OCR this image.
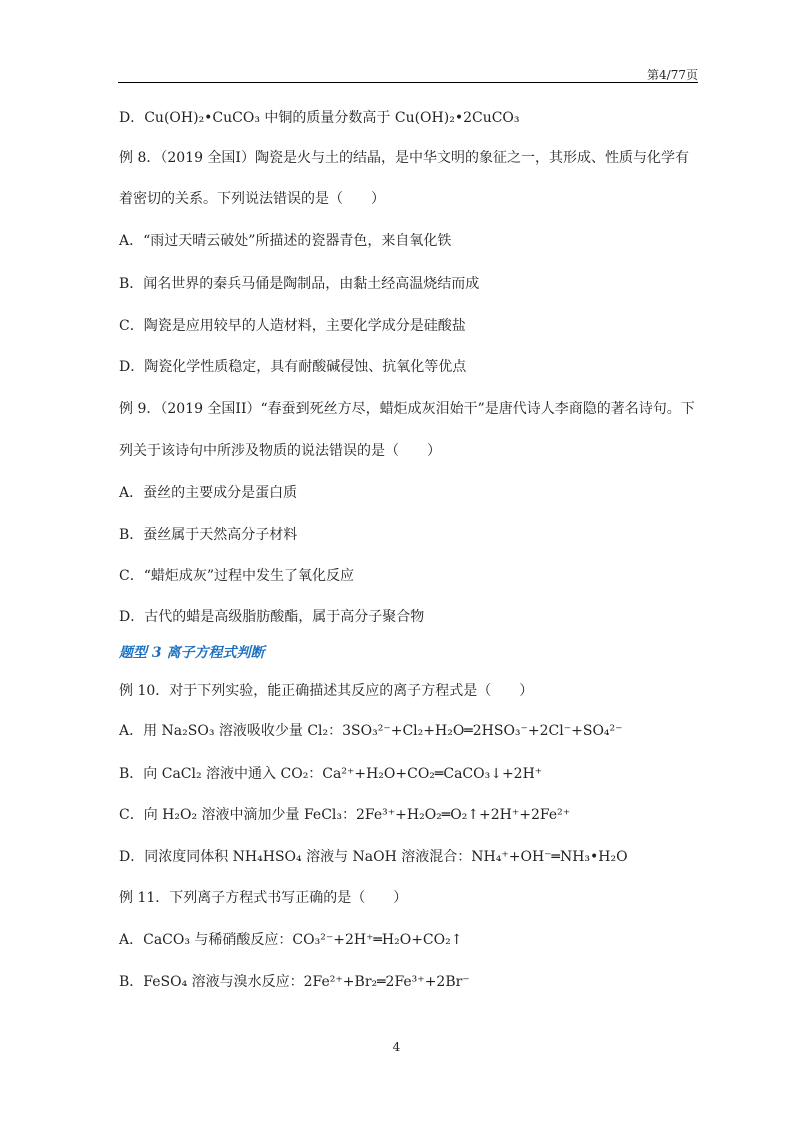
第4/77页
D．Cu(OH)₂•CuCO₃ 中铜的质量分数高于 Cu(OH)₂•2CuCO₃
例 8．（2019 全国I）陶瓷是火与土的结晶，是中华文明的象征之一，其形成、性质与化学有
着密切的关系。下列说法错误的是（　　）
A．“雨过天晴云破处”所描述的瓷器青色，来自氧化铁
B．闻名世界的秦兵马俑是陶制品，由黏土经高温烧结而成
C．陶瓷是应用较早的人造材料，主要化学成分是硅酸盐
D．陶瓷化学性质稳定，具有耐酸碱侵蚀、抗氧化等优点
例 9．（2019 全国II）“春蚕到死丝方尽，蜡炬成灰泪始干”是唐代诗人李商隐的著名诗句。下
列关于该诗句中所涉及物质的说法错误的是（　　）
A．蚕丝的主要成分是蛋白质
B．蚕丝属于天然高分子材料
C．“蜡炬成灰”过程中发生了氧化反应
D．古代的蜡是高级脂肪酸酯，属于高分子聚合物
题型 3 离子方程式判断
例 10．对于下列实验，能正确描述其反应的离子方程式是（　　）
A．用 Na₂SO₃ 溶液吸收少量 Cl₂：3SO₃²⁻+Cl₂+H₂O═2HSO₃⁻+2Cl⁻+SO₄²⁻
B．向 CaCl₂ 溶液中通入 CO₂：Ca²⁺+H₂O+CO₂═CaCO₃↓+2H⁺
C．向 H₂O₂ 溶液中滴加少量 FeCl₃：2Fe³⁺+H₂O₂═O₂↑+2H⁺+2Fe²⁺
D．同浓度同体积 NH₄HSO₄ 溶液与 NaOH 溶液混合：NH₄⁺+OH⁻═NH₃•H₂O
例 11．下列离子方程式书写正确的是（　　）
A．CaCO₃ 与稀硝酸反应：CO₃²⁻+2H⁺═H₂O+CO₂↑
B．FeSO₄ 溶液与溴水反应：2Fe²⁺+Br₂═2Fe³⁺+2Br⁻
4
